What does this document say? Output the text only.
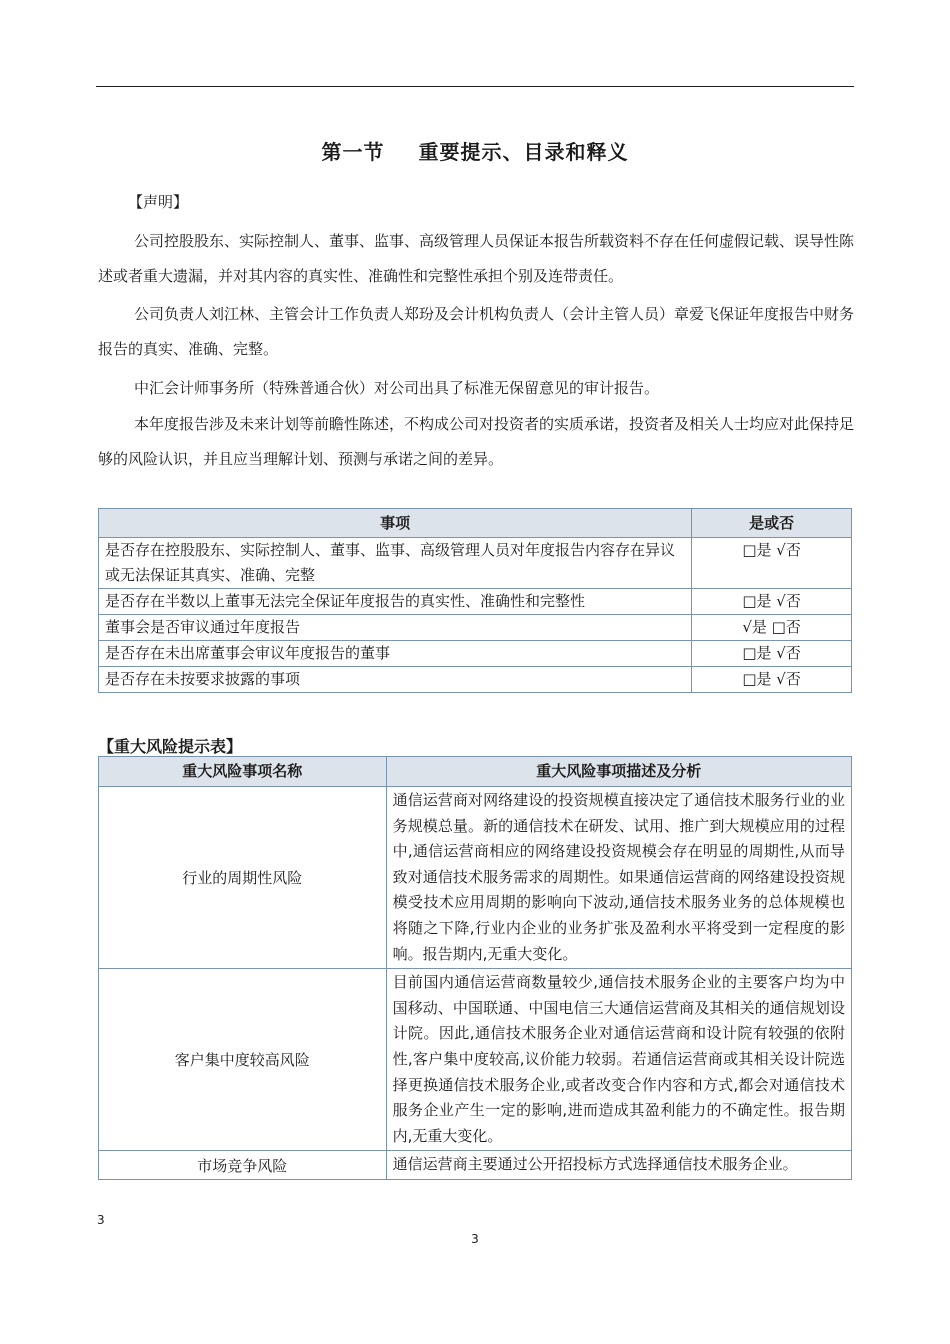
第一节 重要提示、目录和释义
【声明】

公司控股股东、实际控制人、董事、监事、高级管理人员保证本报告所载资料不存在任何虚假记载、误导性陈述或者重大遗漏，并对其内容的真实性、准确性和完整性承担个别及连带责任。

公司负责人刘江林、主管会计工作负责人郑玢及会计机构负责人（会计主管人员）章爱飞保证年度报告中财务报告的真实、准确、完整。

中汇会计师事务所（特殊普通合伙）对公司出具了标准无保留意见的审计报告。

本年度报告涉及未来计划等前瞻性陈述，不构成公司对投资者的实质承诺，投资者及相关人士均应对此保持足够的风险认识，并且应当理解计划、预测与承诺之间的差异。

事项	是或否
是否存在控股股东、实际控制人、董事、监事、高级管理人员对年度报告内容存在异议或无法保证其真实、准确、完整	□是 √否
是否存在半数以上董事无法完全保证年度报告的真实性、准确性和完整性	□是 √否
董事会是否审议通过年度报告	√是 □否
是否存在未出席董事会审议年度报告的董事	□是 √否
是否存在未按要求披露的事项	□是 √否
【重大风险提示表】
重大风险事项名称	重大风险事项描述及分析
行业的周期性风险	通信运营商对网络建设的投资规模直接决定了通信技术服务行业的业务规模总量。新的通信技术在研发、试用、推广到大规模应用的过程中,通信运营商相应的网络建设投资规模会存在明显的周期性,从而导致对通信技术服务需求的周期性。如果通信运营商的网络建设投资规模受技术应用周期的影响向下波动,通信技术服务业务的总体规模也将随之下降,行业内企业的业务扩张及盈利水平将受到一定程度的影响。报告期内,无重大变化。
客户集中度较高风险	目前国内通信运营商数量较少,通信技术服务企业的主要客户均为中国移动、中国联通、中国电信三大通信运营商及其相关的通信规划设计院。因此,通信技术服务企业对通信运营商和设计院有较强的依附性,客户集中度较高,议价能力较弱。若通信运营商或其相关设计院选择更换通信技术服务企业,或者改变合作内容和方式,都会对通信技术服务企业产生一定的影响,进而造成其盈利能力的不确定性。报告期内,无重大变化。
市场竞争风险	通信运营商主要通过公开招投标方式选择通信技术服务企业。
3
3
